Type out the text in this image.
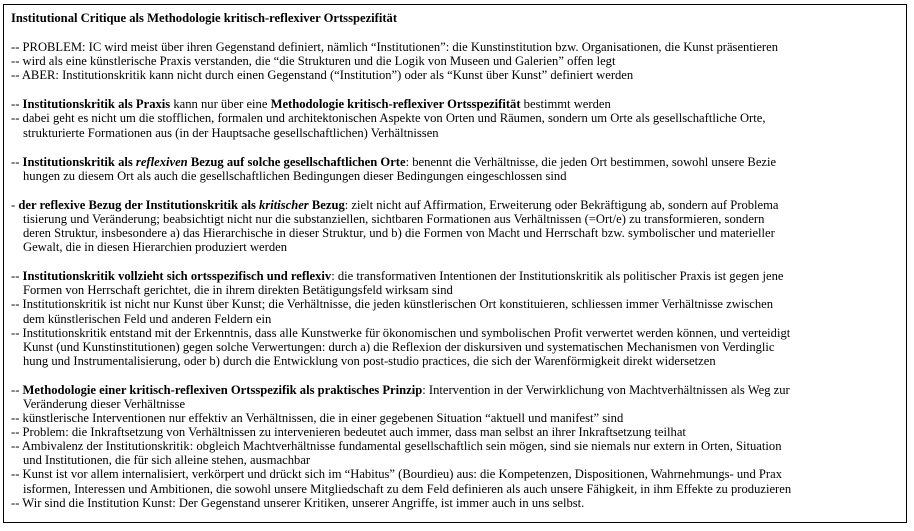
Institutional Critique als Methodologie kritisch-reflexiver Ortsspezifität
-- PROBLEM: IC wird meist über ihren Gegenstand definiert, nämlich “Institutionen”: die Kunstinstitution bzw. Organisationen, die Kunst präsentieren
-- wird als eine künstlerische Praxis verstanden, die “die Strukturen und die Logik von Museen und Galerien” offen legt
-- ABER: Institutionskritik kann nicht durch einen Gegenstand (“Institution”) oder als “Kunst über Kunst” definiert werden
-- Institutionskritik als Praxis kann nur über eine Methodologie kritisch-reflexiver Ortsspezifität bestimmt werden
-- dabei geht es nicht um die stofflichen, formalen und architektonischen Aspekte von Orten und Räumen, sondern um Orte als gesellschaftliche Orte,
strukturierte Formationen aus (in der Hauptsache gesellschaftlichen) Verhältnissen
-- Institutionskritik als reflexiven Bezug auf solche gesellschaftlichen Orte: benennt die Verhältnisse, die jeden Ort bestimmen, sowohl unsere Bezie
hungen zu diesem Ort als auch die gesellschaftlichen Bedingungen dieser Bedingungen eingeschlossen sind
- der reflexive Bezug der Institutionskritik als kritischer Bezug: zielt nicht auf Affirmation, Erweiterung oder Bekräftigung ab, sondern auf Problema
tisierung und Veränderung; beabsichtigt nicht nur die substanziellen, sichtbaren Formationen aus Verhältnissen (=Ort/e) zu transformieren, sondern
deren Struktur, insbesondere a) das Hierarchische in dieser Struktur, und b) die Formen von Macht und Herrschaft bzw. symbolischer und materieller
Gewalt, die in diesen Hierarchien produziert werden
-- Institutionskritik vollzieht sich ortsspezifisch und reflexiv: die transformativen Intentionen der Institutionskritik als politischer Praxis ist gegen jene
Formen von Herrschaft gerichtet, die in ihrem direkten Betätigungsfeld wirksam sind
-- Institutionskritik ist nicht nur Kunst über Kunst; die Verhältnisse, die jeden künstlerischen Ort konstituieren, schliessen immer Verhältnisse zwischen
dem künstlerischen Feld und anderen Feldern ein
-- Institutionskritik entstand mit der Erkenntnis, dass alle Kunstwerke für ökonomischen und symbolischen Profit verwertet werden können, und verteidigt
Kunst (und Kunstinstitutionen) gegen solche Verwertungen: durch a) die Reflexion der diskursiven und systematischen Mechanismen von Verdinglic
hung und Instrumentalisierung, oder b) durch die Entwicklung von post-studio practices, die sich der Warenförmigkeit direkt widersetzen
-- Methodologie einer kritisch-reflexiven Ortsspezifik als praktisches Prinzip: Intervention in der Verwirklichung von Machtverhältnissen als Weg zur
Veränderung dieser Verhältnisse
-- künstlerische Interventionen nur effektiv an Verhältnissen, die in einer gegebenen Situation “aktuell und manifest” sind
-- Problem: die Inkraftsetzung von Verhältnissen zu intervenieren bedeutet auch immer, dass man selbst an ihrer Inkraftsetzung teilhat
-- Ambivalenz der Institutionskritik: obgleich Machtverhältnisse fundamental gesellschaftlich sein mögen, sind sie niemals nur extern in Orten, Situation
und Institutionen, die für sich alleine stehen, ausmachbar
-- Kunst ist vor allem internalisiert, verkörpert und drückt sich im “Habitus” (Bourdieu) aus: die Kompetenzen, Dispositionen, Wahrnehmungs- und Prax
isformen, Interessen und Ambitionen, die sowohl unsere Mitgliedschaft zu dem Feld definieren als auch unsere Fähigkeit, in ihm Effekte zu produzieren
-- Wir sind die Institution Kunst: Der Gegenstand unserer Kritiken, unserer Angriffe, ist immer auch in uns selbst.
